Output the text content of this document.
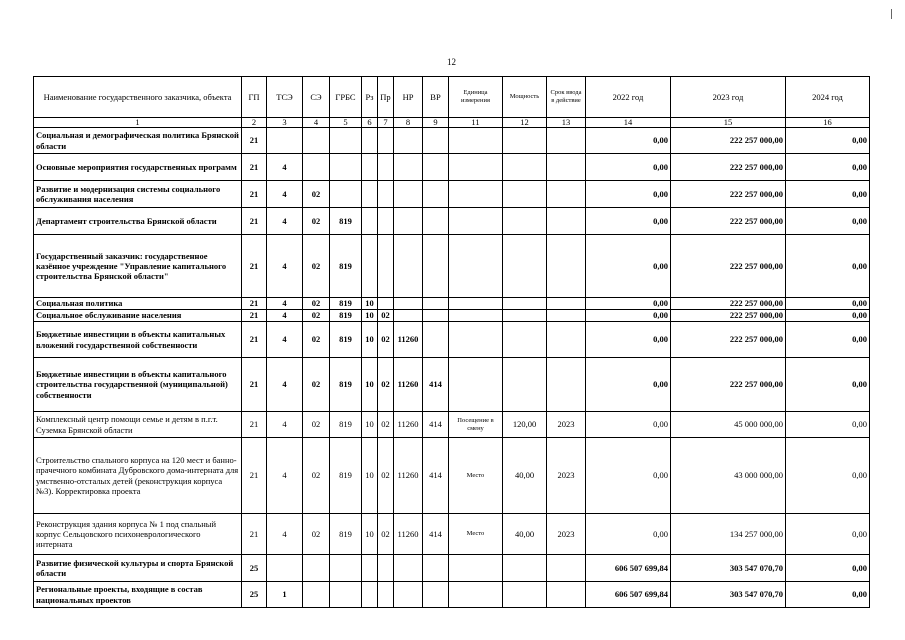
12
Наименование государственного заказчика, объекта	ГП	ТСЭ	СЭ	ГРБС	Рз	Пр	НР	ВР	Единица измерения	Мощность	Срок ввода в действие	2022 год	2023 год	2024 год
1	2	3	4	5	6	7	8	9	11	12	13	14	15	16
Социальная и демографическая политика Брянской области	21											0,00	222 257 000,00	0,00
Основные мероприятия государственных программ	21	4										0,00	222 257 000,00	0,00
Развитие и модернизация системы социального обслуживания населения	21	4	02									0,00	222 257 000,00	0,00
Департамент строительства Брянской области	21	4	02	819								0,00	222 257 000,00	0,00
Государственный заказчик: государственное казённое учреждение "Управление капитального строительства Брянской области"	21	4	02	819								0,00	222 257 000,00	0,00
Социальная политика	21	4	02	819	10							0,00	222 257 000,00	0,00
Социальное обслуживание населения	21	4	02	819	10	02						0,00	222 257 000,00	0,00
Бюджетные инвестиции в объекты капитальных вложений государственной собственности	21	4	02	819	10	02	11260					0,00	222 257 000,00	0,00
Бюджетные инвестиции в объекты капитального строительства государственной (муниципальной) собственности	21	4	02	819	10	02	11260	414				0,00	222 257 000,00	0,00
Комплексный центр помощи семье и детям в п.г.т. Суземка Брянской области	21	4	02	819	10	02	11260	414	Посещение в смену	120,00	2023	0,00	45 000 000,00	0,00
Строительство спального корпуса на 120 мест и банно-прачечного комбината Дубровского дома-интерната для умственно-отсталых детей (реконструкция корпуса №3). Корректировка проекта	21	4	02	819	10	02	11260	414	Место	40,00	2023	0,00	43 000 000,00	0,00
Реконструкция здания корпуса № 1 под спальный корпус Сельцовского психоневрологического интерната	21	4	02	819	10	02	11260	414	Место	40,00	2023	0,00	134 257 000,00	0,00
Развитие физической культуры и спорта Брянской области	25											606 507 699,84	303 547 070,70	0,00
Региональные проекты, входящие в состав национальных проектов	25	1										606 507 699,84	303 547 070,70	0,00
